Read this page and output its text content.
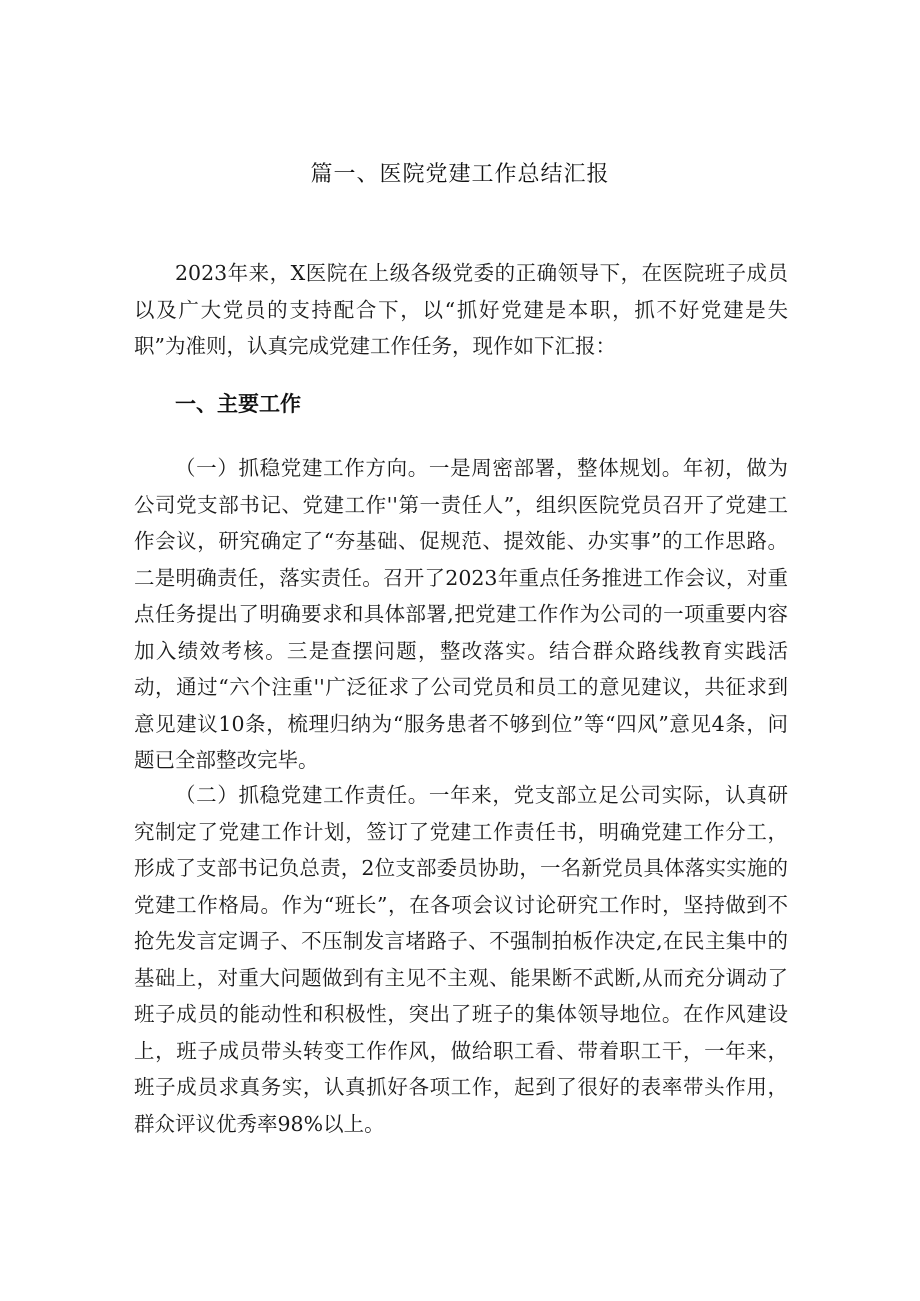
篇一、医院党建工作总结汇报

2023年来，X医院在上级各级党委的正确领导下，在医院班子成员以及广大党员的支持配合下，以“抓好党建是本职，抓不好党建是失职”为准则，认真完成党建工作任务，现作如下汇报：

一、主要工作

（一）抓稳党建工作方向。一是周密部署，整体规划。年初，做为公司党支部书记、党建工作''第一责任人”，组织医院党员召开了党建工作会议，研究确定了“夯基础、促规范、提效能、办实事”的工作思路。二是明确责任，落实责任。召开了2023年重点任务推进工作会议，对重点任务提出了明确要求和具体部署,把党建工作作为公司的一项重要内容加入绩效考核。三是查摆问题，整改落实。结合群众路线教育实践活动，通过“六个注重''广泛征求了公司党员和员工的意见建议，共征求到意见建议10条，梳理归纳为“服务患者不够到位”等“四风”意见4条，问题已全部整改完毕。

（二）抓稳党建工作责任。一年来，党支部立足公司实际，认真研究制定了党建工作计划，签订了党建工作责任书，明确党建工作分工，形成了支部书记负总责，2位支部委员协助，一名新党员具体落实实施的党建工作格局。作为“班长”，在各项会议讨论研究工作时，坚持做到不抢先发言定调子、不压制发言堵路子、不强制拍板作决定,在民主集中的基础上，对重大问题做到有主见不主观、能果断不武断,从而充分调动了班子成员的能动性和积极性，突出了班子的集体领导地位。在作风建设上，班子成员带头转变工作作风，做给职工看、带着职工干，一年来，班子成员求真务实，认真抓好各项工作，起到了很好的表率带头作用，群众评议优秀率98%以上。
